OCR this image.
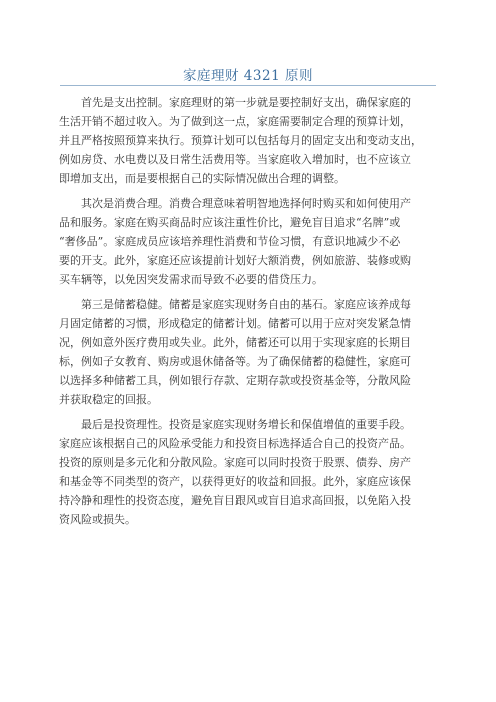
家庭理财 4321 原则
首先是支出控制。家庭理财的第一步就是要控制好支出，确保家庭的
生活开销不超过收入。为了做到这一点，家庭需要制定合理的预算计划，
并且严格按照预算来执行。预算计划可以包括每月的固定支出和变动支出，
例如房贷、水电费以及日常生活费用等。当家庭收入增加时，也不应该立
即增加支出，而是要根据自己的实际情况做出合理的调整。
其次是消费合理。消费合理意味着明智地选择何时购买和如何使用产
品和服务。家庭在购买商品时应该注重性价比，避免盲目追求“名牌”或
“奢侈品”。家庭成员应该培养理性消费和节俭习惯，有意识地减少不必
要的开支。此外，家庭还应该提前计划好大额消费，例如旅游、装修或购
买车辆等，以免因突发需求而导致不必要的借贷压力。
第三是储蓄稳健。储蓄是家庭实现财务自由的基石。家庭应该养成每
月固定储蓄的习惯，形成稳定的储蓄计划。储蓄可以用于应对突发紧急情
况，例如意外医疗费用或失业。此外，储蓄还可以用于实现家庭的长期目
标，例如子女教育、购房或退休储备等。为了确保储蓄的稳健性，家庭可
以选择多种储蓄工具，例如银行存款、定期存款或投资基金等，分散风险
并获取稳定的回报。
最后是投资理性。投资是家庭实现财务增长和保值增值的重要手段。
家庭应该根据自己的风险承受能力和投资目标选择适合自己的投资产品。
投资的原则是多元化和分散风险。家庭可以同时投资于股票、债券、房产
和基金等不同类型的资产，以获得更好的收益和回报。此外，家庭应该保
持冷静和理性的投资态度，避免盲目跟风或盲目追求高回报，以免陷入投
资风险或损失。
